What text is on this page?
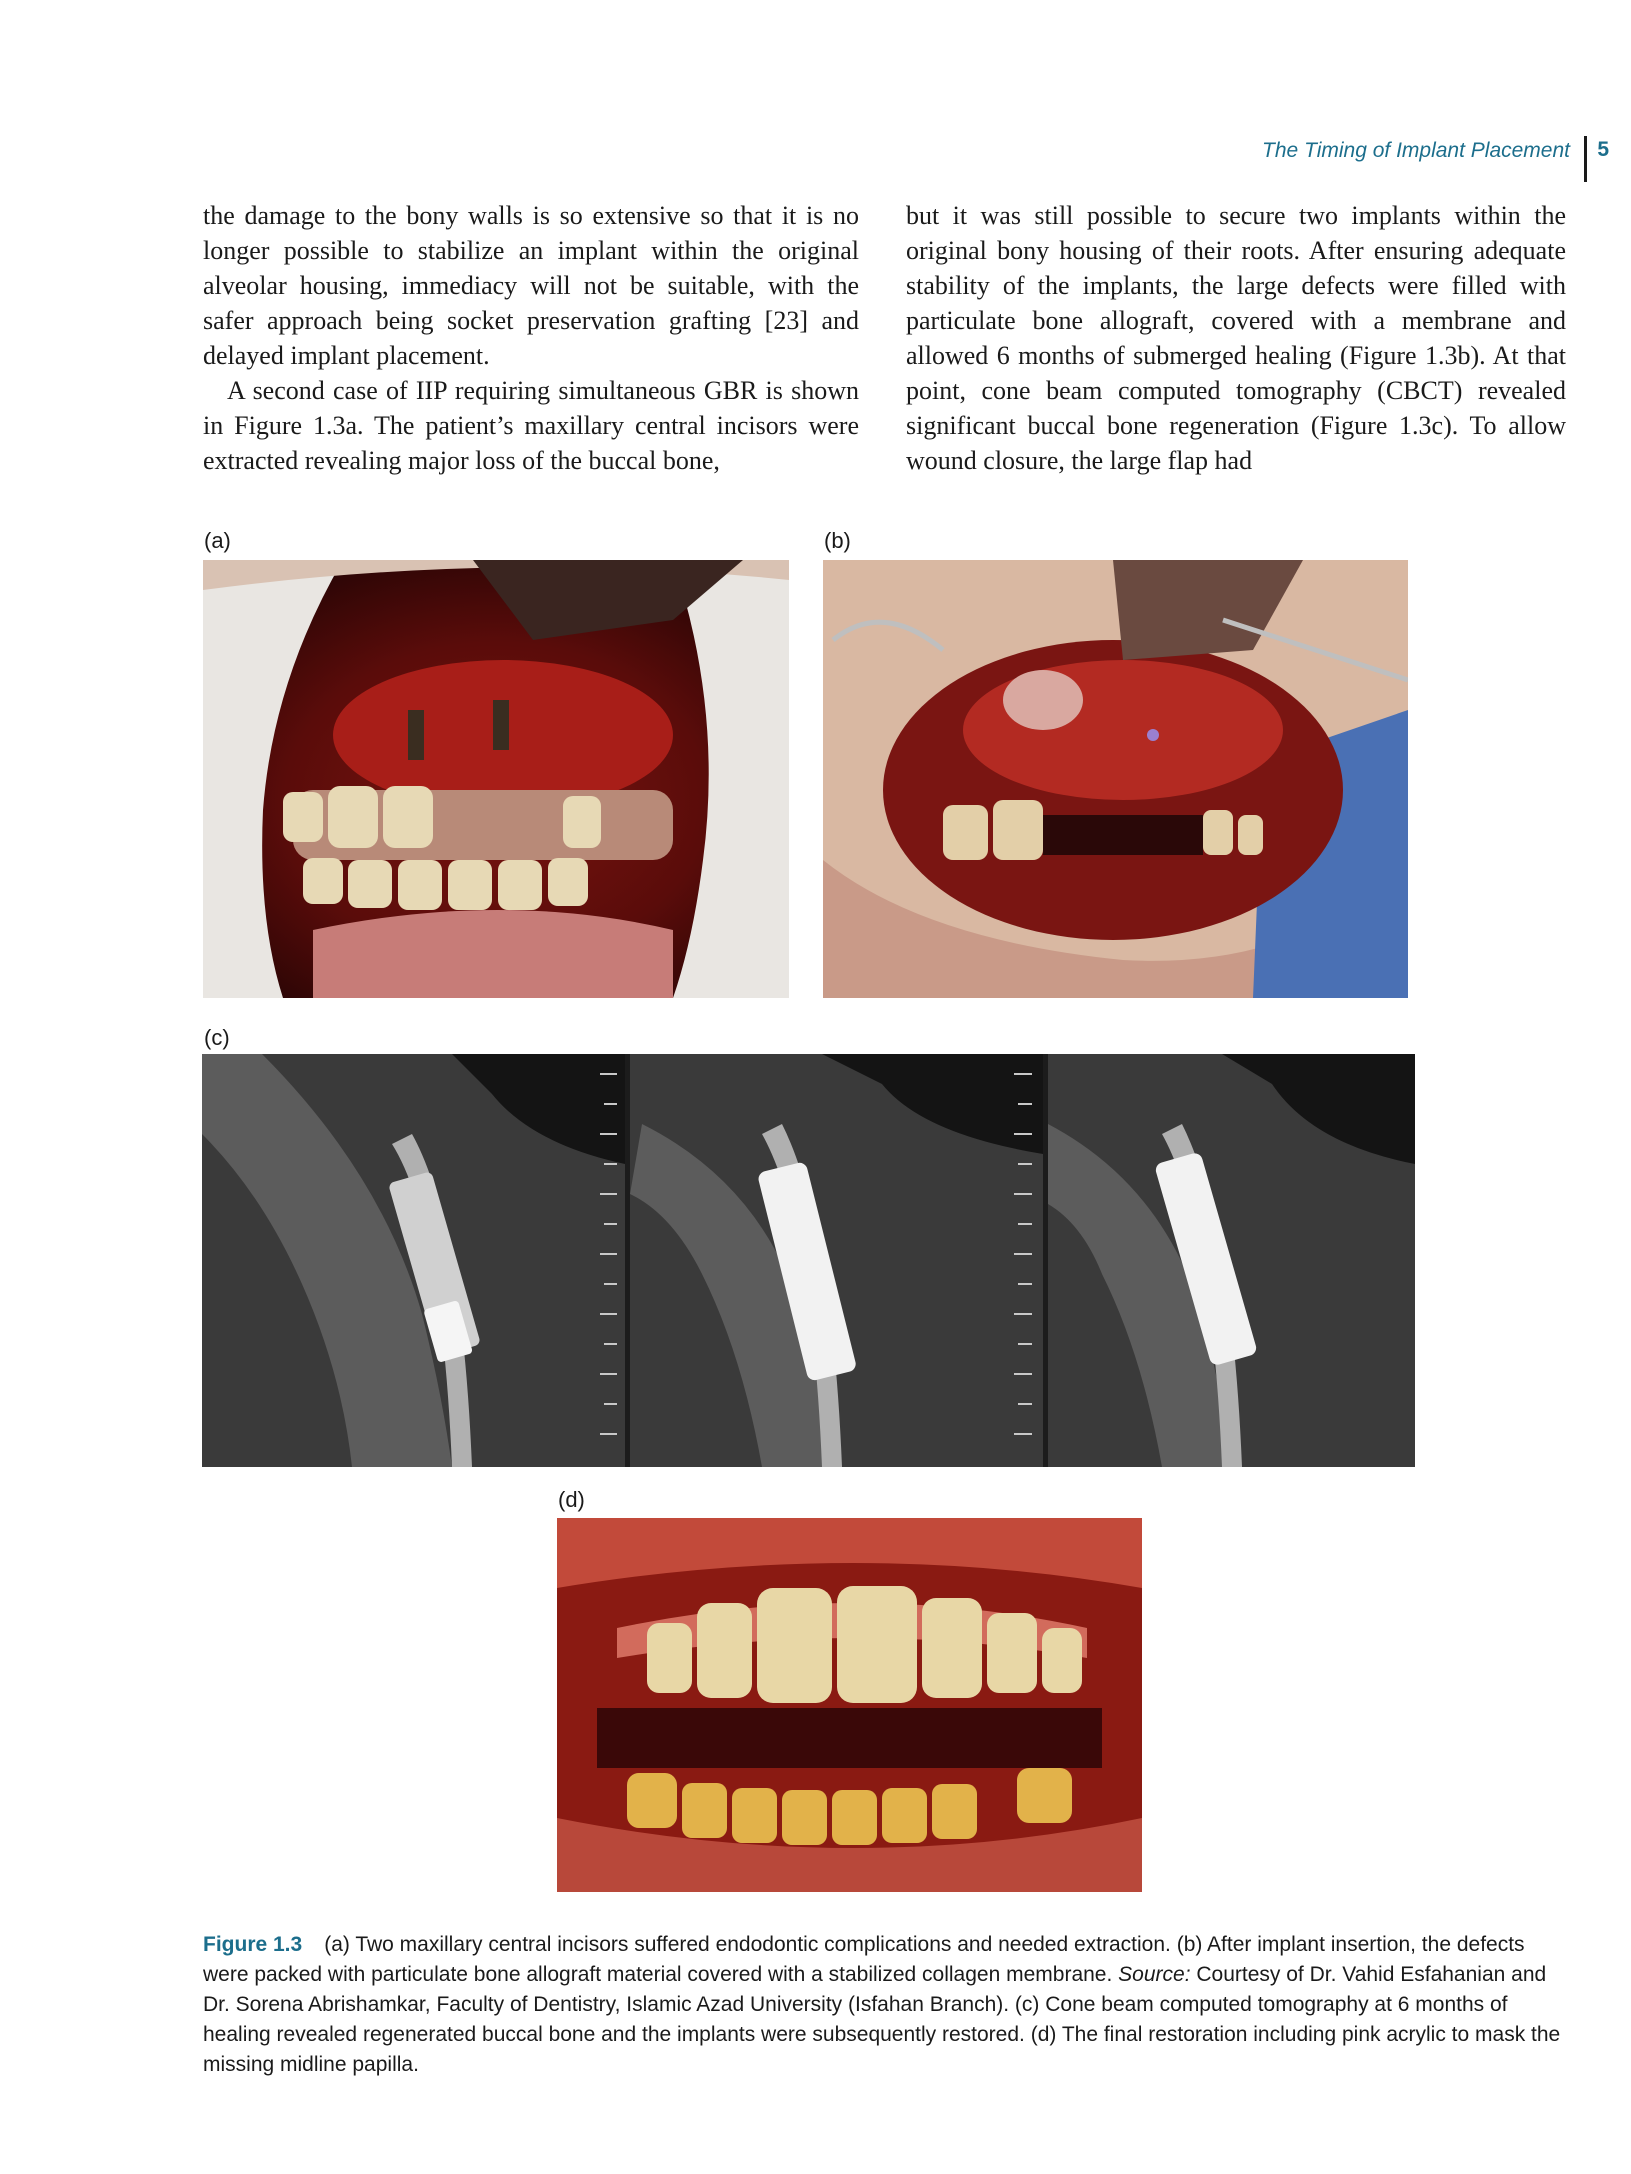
The Timing of Implant Placement 5

the damage to the bony walls is so extensive so that it is no longer possible to stabilize an implant within the original alveolar housing, immediacy will not be suitable, with the safer approach being socket preservation grafting [23] and delayed implant placement.

A second case of IIP requiring simultaneous GBR is shown in Figure 1.3a. The patient’s maxillary central incisors were extracted revealing major loss of the buccal bone,

but it was still possible to secure two implants within the original bony housing of their roots. After ensuring adequate stability of the implants, the large defects were filled with particulate bone allograft, covered with a membrane and allowed 6 months of submerged healing (Figure 1.3b). At that point, cone beam computed tomography (CBCT) revealed significant buccal bone regeneration (Figure 1.3c). To allow wound closure, the large flap had

(a)	(b)
(c)
(d)
Figure 1.3 (a) Two maxillary central incisors suffered endodontic complications and needed extraction. (b) After implant insertion, the defects were packed with particulate bone allograft material covered with a stabilized collagen membrane. Source: Courtesy of Dr. Vahid Esfahanian and Dr. Sorena Abrishamkar, Faculty of Dentistry, Islamic Azad University (Isfahan Branch). (c) Cone beam computed tomography at 6 months of healing revealed regenerated buccal bone and the implants were subsequently restored. (d) The final restoration including pink acrylic to mask the missing midline papilla.
